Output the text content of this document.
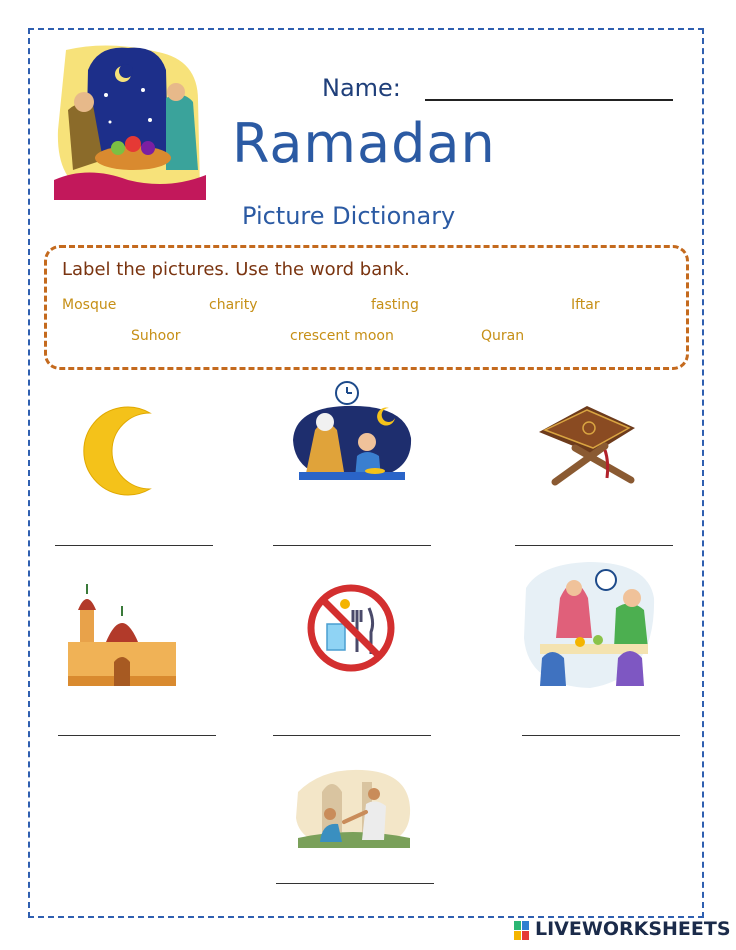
Name:
Ramadan
Picture Dictionary
Label the pictures. Use the word bank.
Mosque	charity	fasting	Iftar
Suhoor	crescent moon	Quran
LIVEWORKSHEETS
